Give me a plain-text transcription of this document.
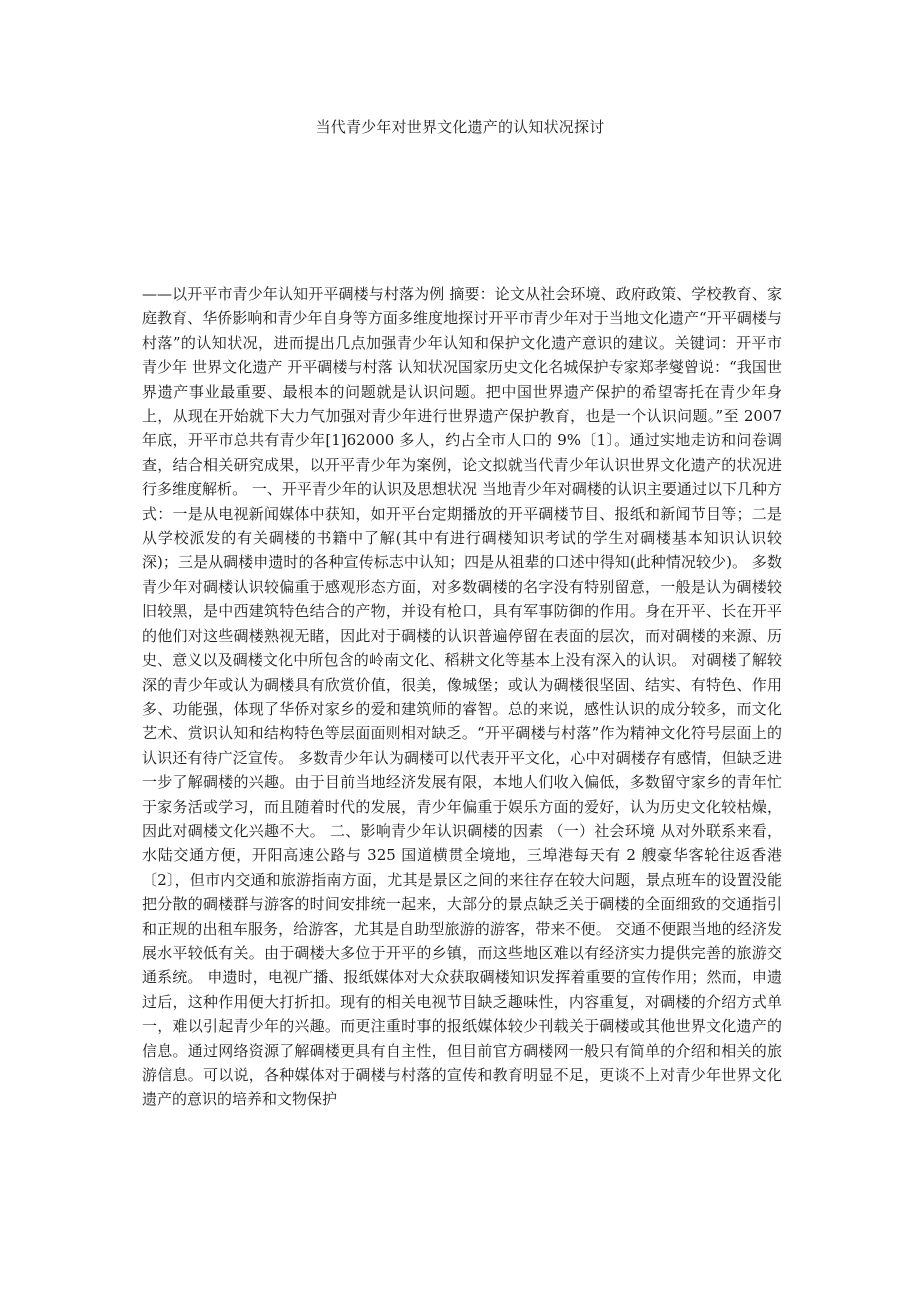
当代青少年对世界文化遗产的认知状况探讨
——以开平市青少年认知开平碉楼与村落为例 摘要：论文从社会环境、政府政策、学校教育、家庭教育、华侨影响和青少年自身等方面多维度地探讨开平市青少年对于当地文化遗产“开平碉楼与村落”的认知状况，进而提出几点加强青少年认知和保护文化遗产意识的建议。关键词：开平市 青少年 世界文化遗产 开平碉楼与村落 认知状况国家历史文化名城保护专家郑孝燮曾说：“我国世界遗产事业最重要、最根本的问题就是认识问题。把中国世界遗产保护的希望寄托在青少年身上，从现在开始就下大力气加强对青少年进行世界遗产保护教育，也是一个认识问题。”至 2007 年底，开平市总共有青少年[1]62000 多人，约占全市人口的 9%〔1〕。通过实地走访和问卷调查，结合相关研究成果，以开平青少年为案例，论文拟就当代青少年认识世界文化遗产的状况进行多维度解析。 一、开平青少年的认识及思想状况 当地青少年对碉楼的认识主要通过以下几种方式：一是从电视新闻媒体中获知，如开平台定期播放的开平碉楼节目、报纸和新闻节目等；二是从学校派发的有关碉楼的书籍中了解(其中有进行碉楼知识考试的学生对碉楼基本知识认识较深)；三是从碉楼申遗时的各种宣传标志中认知；四是从祖辈的口述中得知(此种情况较少)。 多数青少年对碉楼认识较偏重于感观形态方面，对多数碉楼的名字没有特别留意，一般是认为碉楼较旧较黑，是中西建筑特色结合的产物，并设有枪口，具有军事防御的作用。身在开平、长在开平的他们对这些碉楼熟视无睹，因此对于碉楼的认识普遍停留在表面的层次，而对碉楼的来源、历史、意义以及碉楼文化中所包含的岭南文化、稻耕文化等基本上没有深入的认识。 对碉楼了解较深的青少年或认为碉楼具有欣赏价值，很美，像城堡；或认为碉楼很坚固、结实、有特色、作用多、功能强，体现了华侨对家乡的爱和建筑师的睿智。总的来说，感性认识的成分较多，而文化艺术、赏识认知和结构特色等层面面则相对缺乏。“开平碉楼与村落”作为精神文化符号层面上的认识还有待广泛宣传。 多数青少年认为碉楼可以代表开平文化，心中对碉楼存有感情，但缺乏进一步了解碉楼的兴趣。由于目前当地经济发展有限，本地人们收入偏低，多数留守家乡的青年忙于家务活或学习，而且随着时代的发展，青少年偏重于娱乐方面的爱好，认为历史文化较枯燥，因此对碉楼文化兴趣不大。 二、影响青少年认识碉楼的因素 （一）社会环境 从对外联系来看，水陆交通方便，开阳高速公路与 325 国道横贯全境地，三埠港每天有 2 艘豪华客轮往返香港〔2〕，但市内交通和旅游指南方面，尤其是景区之间的来往存在较大问题，景点班车的设置没能把分散的碉楼群与游客的时间安排统一起来，大部分的景点缺乏关于碉楼的全面细致的交通指引和正规的出租车服务，给游客，尤其是自助型旅游的游客，带来不便。 交通不便跟当地的经济发展水平较低有关。由于碉楼大多位于开平的乡镇，而这些地区难以有经济实力提供完善的旅游交通系统。 申遗时，电视广播、报纸媒体对大众获取碉楼知识发挥着重要的宣传作用；然而，申遗过后，这种作用便大打折扣。现有的相关电视节目缺乏趣味性，内容重复，对碉楼的介绍方式单一，难以引起青少年的兴趣。而更注重时事的报纸媒体较少刊载关于碉楼或其他世界文化遗产的信息。通过网络资源了解碉楼更具有自主性，但目前官方碉楼网一般只有简单的介绍和相关的旅游信息。可以说，各种媒体对于碉楼与村落的宣传和教育明显不足，更谈不上对青少年世界文化遗产的意识的培养和文物保护
